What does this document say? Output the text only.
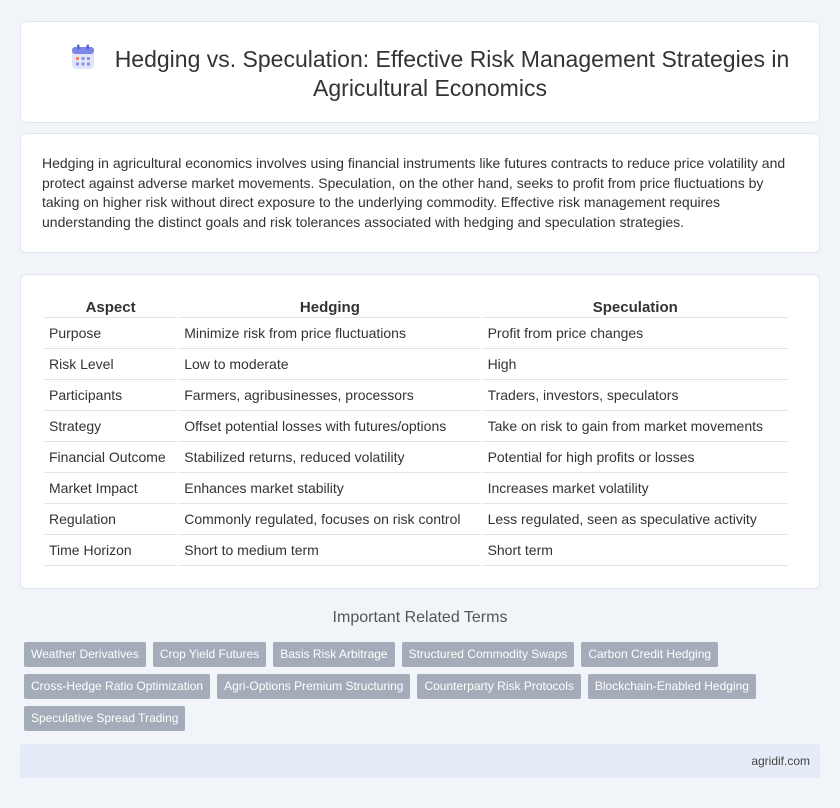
Hedging vs. Speculation: Effective Risk Management Strategies in Agricultural Economics

Hedging in agricultural economics involves using financial instruments like futures contracts to reduce price volatility and protect against adverse market movements. Speculation, on the other hand, seeks to profit from price fluctuations by taking on higher risk without direct exposure to the underlying commodity. Effective risk management requires understanding the distinct goals and risk tolerances associated with hedging and speculation strategies.

Aspect	Hedging	Speculation
Purpose	Minimize risk from price fluctuations	Profit from price changes
Risk Level	Low to moderate	High
Participants	Farmers, agribusinesses, processors	Traders, investors, speculators
Strategy	Offset potential losses with futures/options	Take on risk to gain from market movements
Financial Outcome	Stabilized returns, reduced volatility	Potential for high profits or losses
Market Impact	Enhances market stability	Increases market volatility
Regulation	Commonly regulated, focuses on risk control	Less regulated, seen as speculative activity
Time Horizon	Short to medium term	Short term
Important Related Terms
Weather Derivatives	Crop Yield Futures	Basis Risk Arbitrage	Structured Commodity Swaps	Carbon Credit Hedging
Cross-Hedge Ratio Optimization	Agri-Options Premium Structuring	Counterparty Risk Protocols	Blockchain-Enabled Hedging
Speculative Spread Trading
agridif.com
